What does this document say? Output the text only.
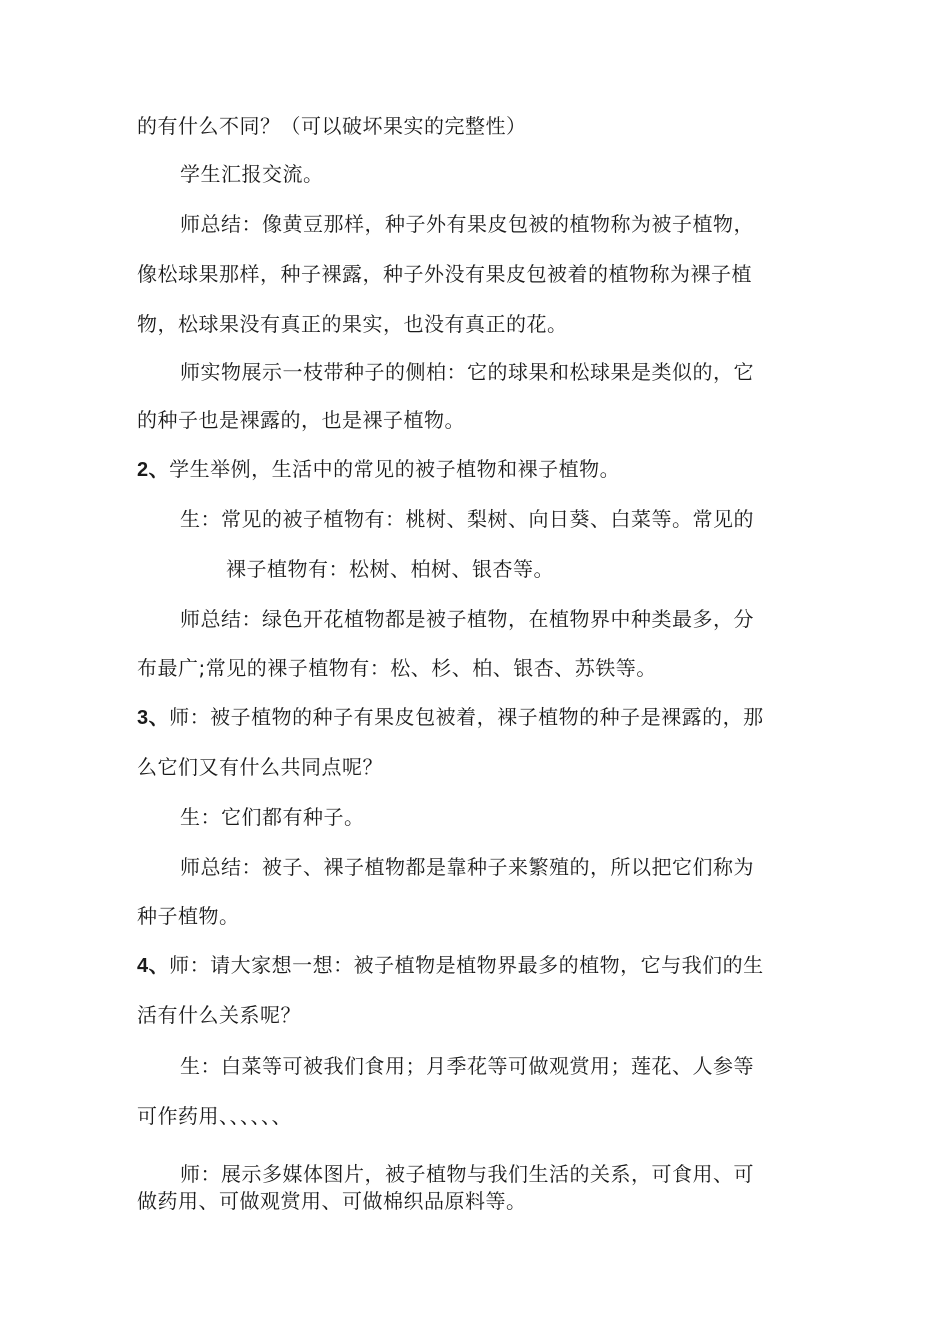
的有什么不同？（可以破坏果实的完整性）
学生汇报交流。
师总结：像黄豆那样，种子外有果皮包被的植物称为被子植物，
像松球果那样，种子裸露，种子外没有果皮包被着的植物称为裸子植
物，松球果没有真正的果实，也没有真正的花。
师实物展示一枝带种子的侧柏：它的球果和松球果是类似的，它
的种子也是裸露的，也是裸子植物。
2、学生举例，生活中的常见的被子植物和裸子植物。
生：常见的被子植物有：桃树、梨树、向日葵、白菜等。常见的
裸子植物有：松树、柏树、银杏等。
师总结：绿色开花植物都是被子植物，在植物界中种类最多，分
布最广;常见的裸子植物有：松、杉、柏、银杏、苏铁等。
3、师：被子植物的种子有果皮包被着，裸子植物的种子是裸露的，那
么它们又有什么共同点呢？
生：它们都有种子。
师总结：被子、裸子植物都是靠种子来繁殖的，所以把它们称为
种子植物。
4、师：请大家想一想：被子植物是植物界最多的植物，它与我们的生
活有什么关系呢？
生：白菜等可被我们食用；月季花等可做观赏用；莲花、人参等
可作药用、、、、、、
师：展示多媒体图片，被子植物与我们生活的关系，可食用、可
做药用、可做观赏用、可做棉织品原料等。
